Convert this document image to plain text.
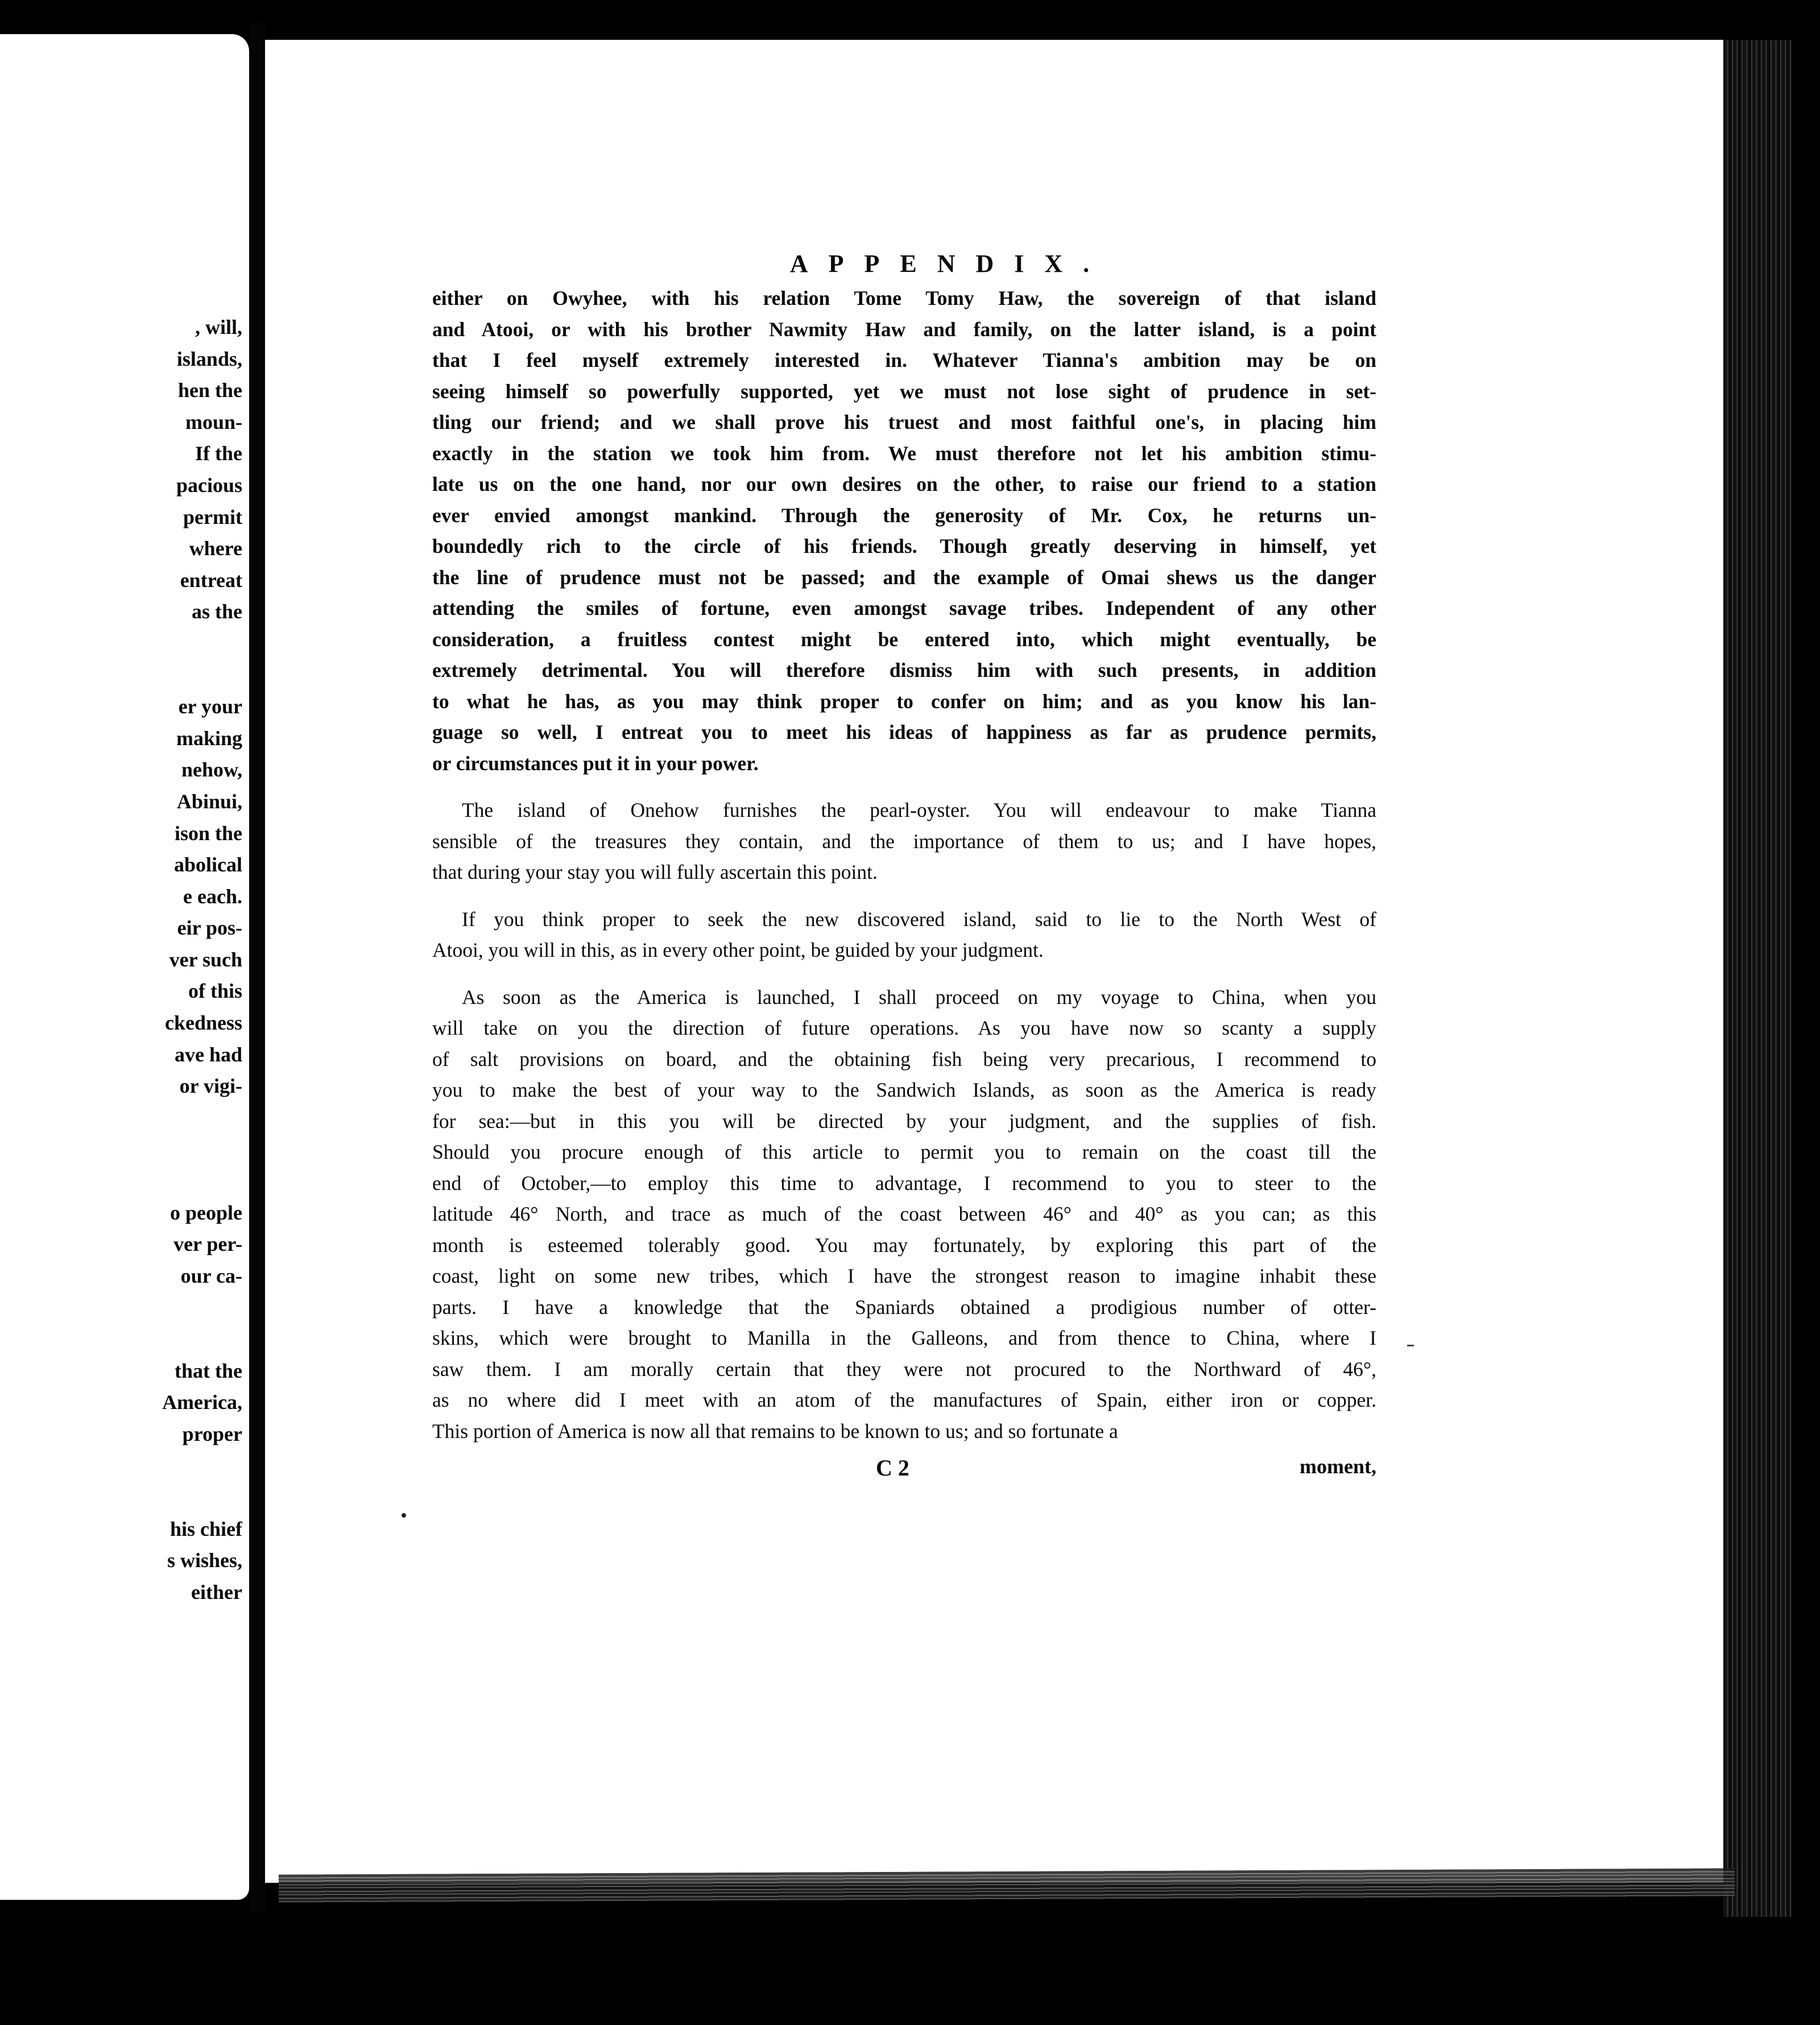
, will,
islands,
hen the
moun-
If the
pacious
permit
where
entreat
as the
er your
making
nehow,
Abinui,
ison the
abolical
e each.
eir pos-
ver such
of this
ckedness
ave had
or vigi-
o people
ver per-
our ca-
that the
America,
proper
his chief
s wishes,
either
APPENDIX.
either on Owyhee, with his relation Tome Tomy Haw, the sovereign of that island
and Atooi, or with his brother Nawmity Haw and family, on the latter island, is a point
that I feel myself extremely interested in. Whatever Tianna's ambition may be on
seeing himself so powerfully supported, yet we must not lose sight of prudence in set-
tling our friend; and we shall prove his truest and most faithful one's, in placing him
exactly in the station we took him from. We must therefore not let his ambition stimu-
late us on the one hand, nor our own desires on the other, to raise our friend to a station
ever envied amongst mankind. Through the generosity of Mr. Cox, he returns un-
boundedly rich to the circle of his friends. Though greatly deserving in himself, yet
the line of prudence must not be passed; and the example of Omai shews us the danger
attending the smiles of fortune, even amongst savage tribes. Independent of any other
consideration, a fruitless contest might be entered into, which might eventually, be
extremely detrimental. You will therefore dismiss him with such presents, in addition
to what he has, as you may think proper to confer on him; and as you know his lan-
guage so well, I entreat you to meet his ideas of happiness as far as prudence permits,
or circumstances put it in your power.
The island of Onehow furnishes the pearl-oyster. You will endeavour to make Tianna
sensible of the treasures they contain, and the importance of them to us; and I have hopes,
that during your stay you will fully ascertain this point.
If you think proper to seek the new discovered island, said to lie to the North West of
Atooi, you will in this, as in every other point, be guided by your judgment.
As soon as the America is launched, I shall proceed on my voyage to China, when you
will take on you the direction of future operations. As you have now so scanty a supply
of salt provisions on board, and the obtaining fish being very precarious, I recommend to
you to make the best of your way to the Sandwich Islands, as soon as the America is ready
for sea:—but in this you will be directed by your judgment, and the supplies of fish.
Should you procure enough of this article to permit you to remain on the coast till the
end of October,—to employ this time to advantage, I recommend to you to steer to the
latitude 46° North, and trace as much of the coast between 46° and 40° as you can; as this
month is esteemed tolerably good. You may fortunately, by exploring this part of the
coast, light on some new tribes, which I have the strongest reason to imagine inhabit these
parts. I have a knowledge that the Spaniards obtained a prodigious number of otter-
skins, which were brought to Manilla in the Galleons, and from thence to China, where I
saw them. I am morally certain that they were not procured to the Northward of 46°,
as no where did I meet with an atom of the manufactures of Spain, either iron or copper.
This portion of America is now all that remains to be known to us; and so fortunate a
C 2	moment,
